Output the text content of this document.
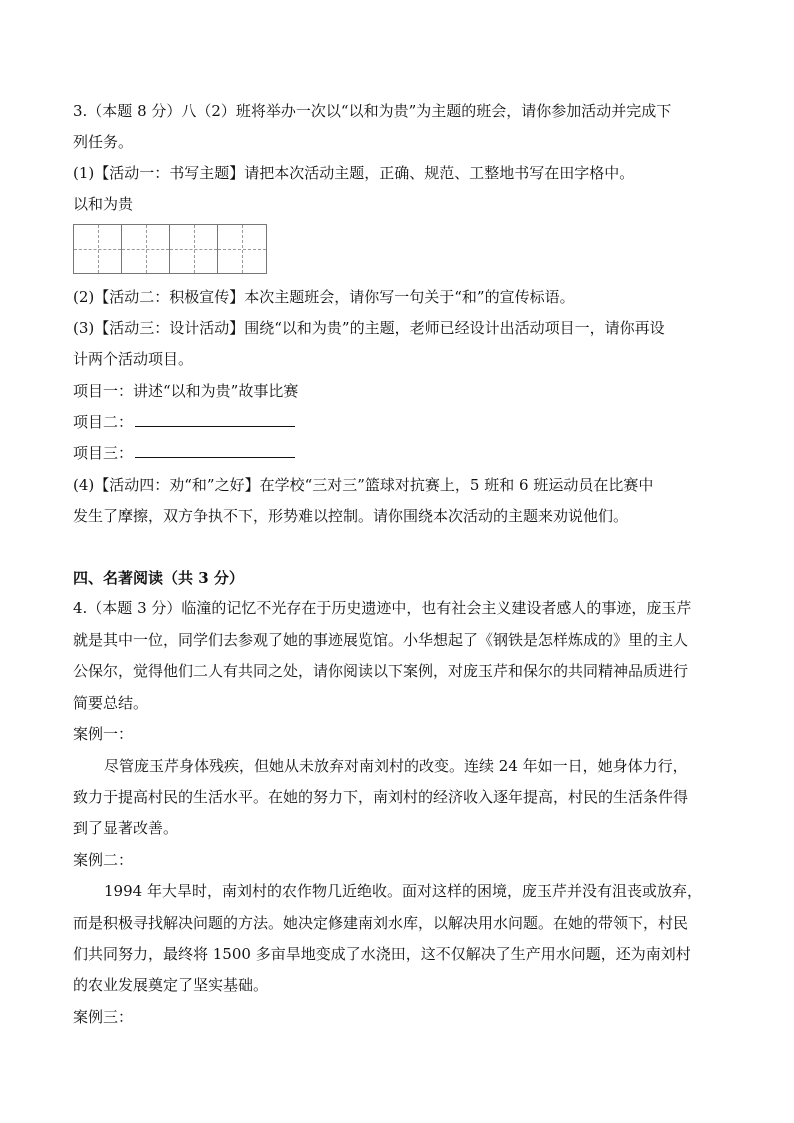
3.（本题 8 分）八（2）班将举办一次以“以和为贵”为主题的班会，请你参加活动并完成下
列任务。
(1)【活动一：书写主题】请把本次活动主题，正确、规范、工整地书写在田字格中。
以和为贵
(2)【活动二：积极宣传】本次主题班会，请你写一句关于“和”的宣传标语。
(3)【活动三：设计活动】围绕“以和为贵”的主题，老师已经设计出活动项目一，请你再设
计两个活动项目。
项目一：讲述“以和为贵”故事比赛
项目二：
项目三：
(4)【活动四：劝“和”之好】在学校“三对三”篮球对抗赛上，5 班和 6 班运动员在比赛中
发生了摩擦，双方争执不下，形势难以控制。请你围绕本次活动的主题来劝说他们。
四、名著阅读（共 3 分）
4.（本题 3 分）临潼的记忆不光存在于历史遗迹中，也有社会主义建设者感人的事迹，庞玉芹
就是其中一位，同学们去参观了她的事迹展览馆。小华想起了《钢铁是怎样炼成的》里的主人
公保尔，觉得他们二人有共同之处，请你阅读以下案例，对庞玉芹和保尔的共同精神品质进行
简要总结。
案例一：
尽管庞玉芹身体残疾，但她从未放弃对南刘村的改变。连续 24 年如一日，她身体力行，
致力于提高村民的生活水平。在她的努力下，南刘村的经济收入逐年提高，村民的生活条件得
到了显著改善。
案例二：
1994 年大旱时，南刘村的农作物几近绝收。面对这样的困境，庞玉芹并没有沮丧或放弃，
而是积极寻找解决问题的方法。她决定修建南刘水库，以解决用水问题。在她的带领下，村民
们共同努力，最终将 1500 多亩旱地变成了水浇田，这不仅解决了生产用水问题，还为南刘村
的农业发展奠定了坚实基础。
案例三：
